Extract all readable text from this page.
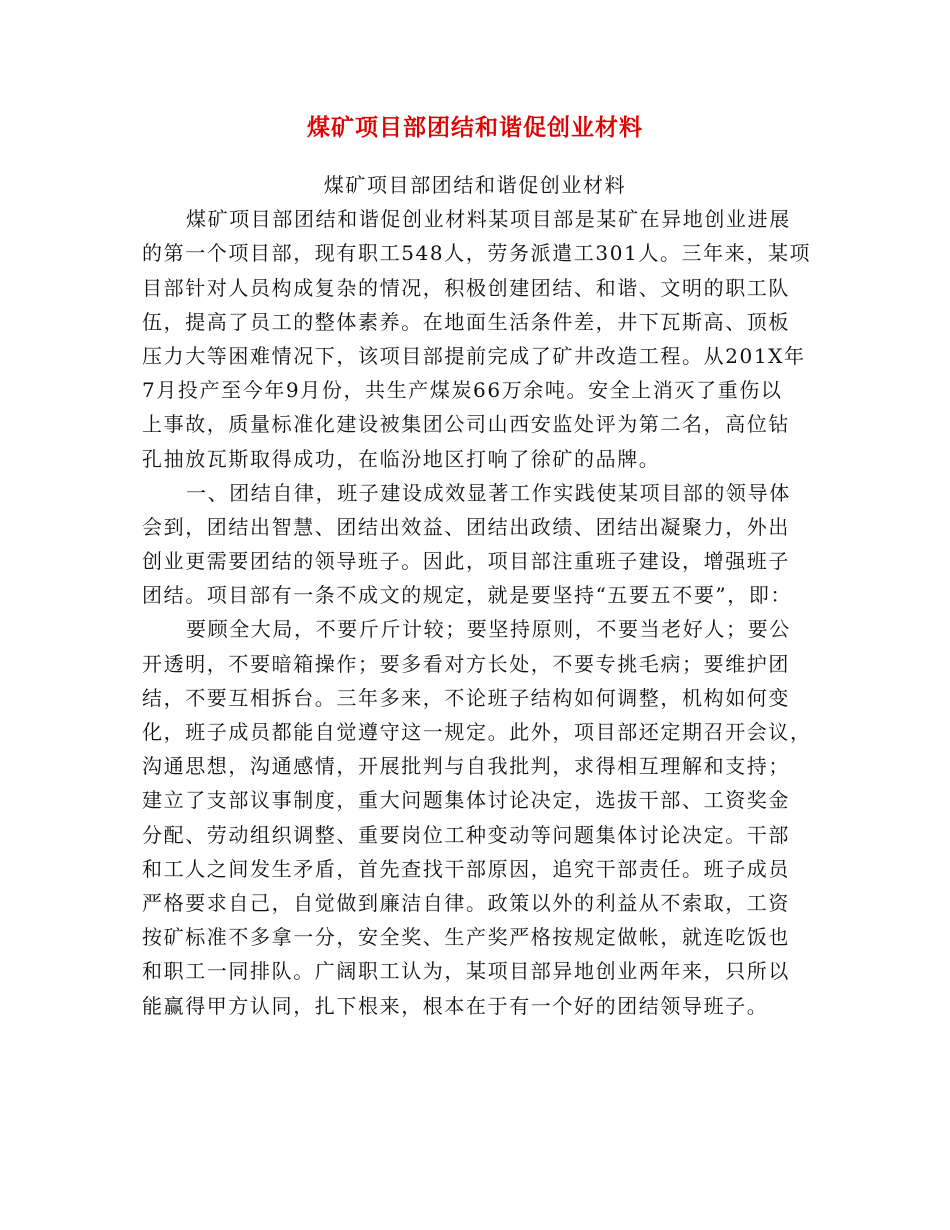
煤矿项目部团结和谐促创业材料
煤矿项目部团结和谐促创业材料
煤矿项目部团结和谐促创业材料某项目部是某矿在异地创业进展
的第一个项目部，现有职工548人，劳务派遣工301人。三年来，某项
目部针对人员构成复杂的情况，积极创建团结、和谐、文明的职工队
伍，提高了员工的整体素养。在地面生活条件差，井下瓦斯高、顶板
压力大等困难情况下，该项目部提前完成了矿井改造工程。从201X年
7月投产至今年9月份，共生产煤炭66万余吨。安全上消灭了重伤以
上事故，质量标准化建设被集团公司山西安监处评为第二名，高位钻
孔抽放瓦斯取得成功，在临汾地区打响了徐矿的品牌。
一、团结自律，班子建设成效显著工作实践使某项目部的领导体
会到，团结出智慧、团结出效益、团结出政绩、团结出凝聚力，外出
创业更需要团结的领导班子。因此，项目部注重班子建设，增强班子
团结。项目部有一条不成文的规定，就是要坚持“五要五不要”，即：
要顾全大局，不要斤斤计较；要坚持原则，不要当老好人；要公
开透明，不要暗箱操作；要多看对方长处，不要专挑毛病；要维护团
结，不要互相拆台。三年多来，不论班子结构如何调整，机构如何变
化，班子成员都能自觉遵守这一规定。此外，项目部还定期召开会议，
沟通思想，沟通感情，开展批判与自我批判，求得相互理解和支持；
建立了支部议事制度，重大问题集体讨论决定，选拔干部、工资奖金
分配、劳动组织调整、重要岗位工种变动等问题集体讨论决定。干部
和工人之间发生矛盾，首先查找干部原因，追究干部责任。班子成员
严格要求自己，自觉做到廉洁自律。政策以外的利益从不索取，工资
按矿标准不多拿一分，安全奖、生产奖严格按规定做帐，就连吃饭也
和职工一同排队。广阔职工认为，某项目部异地创业两年来，只所以
能赢得甲方认同，扎下根来，根本在于有一个好的团结领导班子。
